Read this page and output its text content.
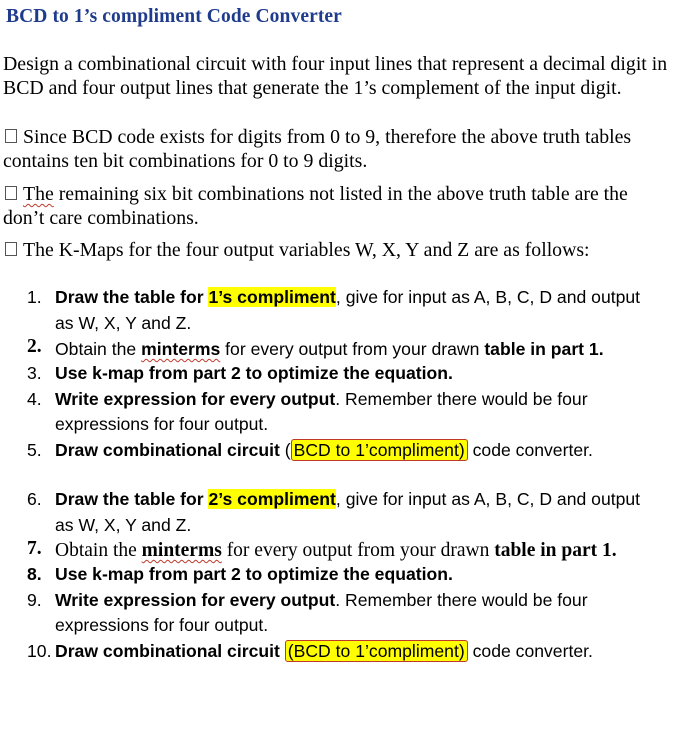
BCD to 1’s compliment Code Converter
Design a combinational circuit with four input lines that represent a decimal digit in BCD and four output lines that generate the 1’s complement of the input digit.
Since BCD code exists for digits from 0 to 9, therefore the above truth tables contains ten bit combinations for 0 to 9 digits.
The remaining six bit combinations not listed in the above truth table are the don’t care combinations.
The K-Maps for the four output variables W, X, Y and Z are as follows:
1. Draw the table for 1’s compliment, give for input as A, B, C, D and output as W, X, Y and Z.
2. Obtain the minterms for every output from your drawn table in part 1.
3. Use k-map from part 2 to optimize the equation.
4. Write expression for every output. Remember there would be four expressions for four output.
5. Draw combinational circuit ( BCD to 1’compliment) code converter.
6. Draw the table for 2’s compliment, give for input as A, B, C, D and output as W, X, Y and Z.
7. Obtain the minterms for every output from your drawn table in part 1.
8. Use k-map from part 2 to optimize the equation.
9. Write expression for every output. Remember there would be four expressions for four output.
10. Draw combinational circuit (BCD to 1’compliment) code converter.
